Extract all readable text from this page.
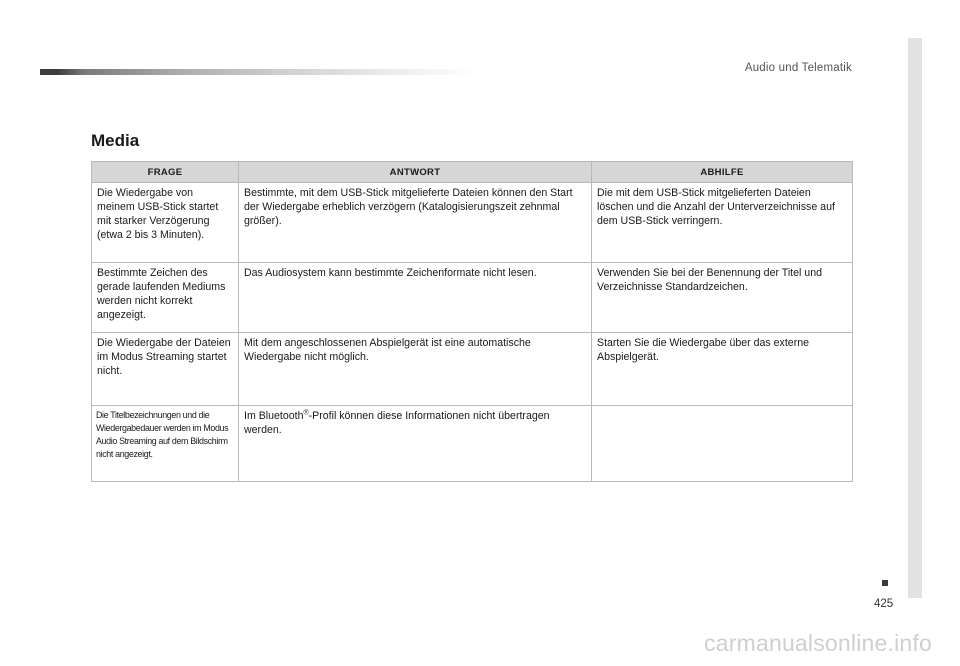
Audio und Telematik
Media
FRAGE	ANTWORT	ABHILFE
Die Wiedergabe von meinem USB-Stick startet mit starker Verzögerung (etwa 2 bis 3 Minuten).	Bestimmte, mit dem USB-Stick mitgelieferte Dateien können den Start der Wiedergabe erheblich verzögern (Katalogisierungszeit zehnmal größer).	Die mit dem USB-Stick mitgelieferten Dateien löschen und die Anzahl der Unterverzeichnisse auf dem USB-Stick verringern.
Bestimmte Zeichen des gerade laufenden Mediums werden nicht korrekt angezeigt.	Das Audiosystem kann bestimmte Zeichenformate nicht lesen.	Verwenden Sie bei der Benennung der Titel und Verzeichnisse Standardzeichen.
Die Wiedergabe der Dateien im Modus Streaming startet nicht.	Mit dem angeschlossenen Abspielgerät ist eine automatische Wiedergabe nicht möglich.	Starten Sie die Wiedergabe über das externe Abspielgerät.
Die Titelbezeichnungen und die Wiedergabedauer werden im Modus Audio Streaming auf dem Bildschirm nicht angezeigt.	Im Bluetooth®-Profil können diese Informationen nicht übertragen werden.	
425
carmanualsonline.info
